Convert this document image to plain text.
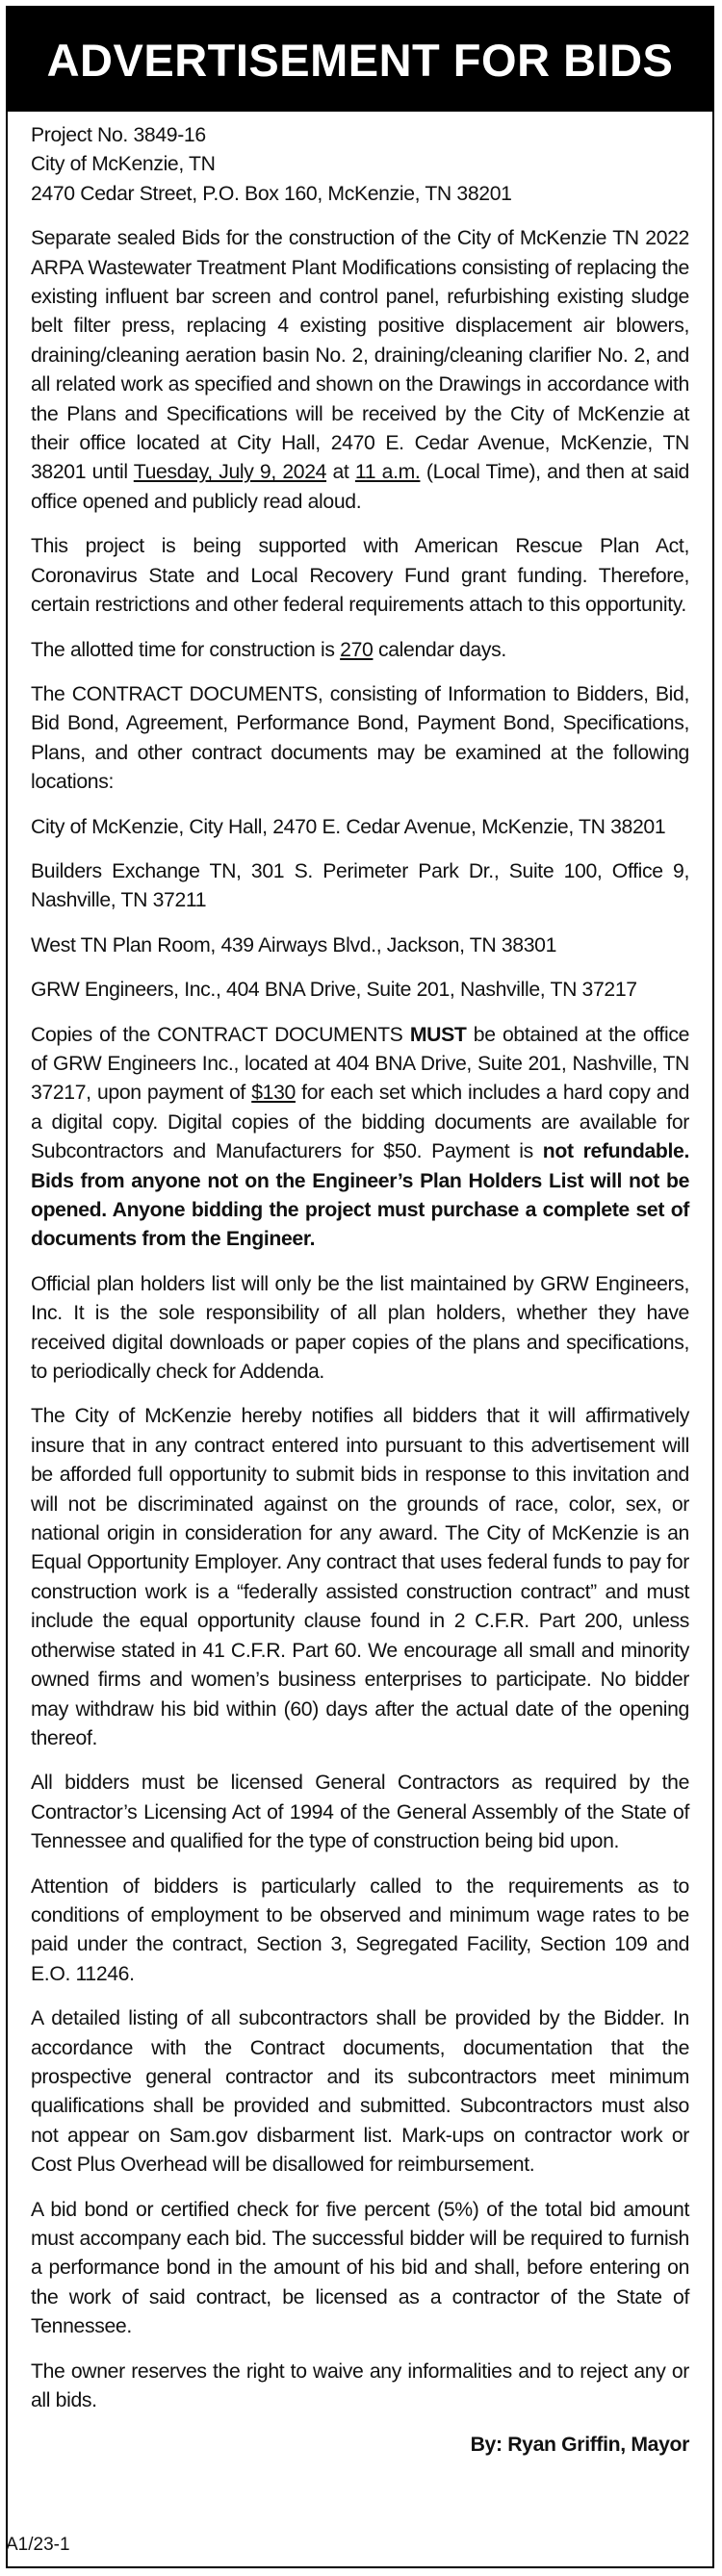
ADVERTISEMENT FOR BIDS
Project No. 3849-16
City of McKenzie, TN
2470 Cedar Street, P.O. Box 160, McKenzie, TN 38201

Separate sealed Bids for the construction of the City of McKenzie TN 2022 ARPA Wastewater Treatment Plant Modifications consisting of replacing the existing influent bar screen and control panel, refurbishing existing sludge belt filter press, replacing 4 existing positive displacement air blowers, draining/cleaning aeration basin No. 2, draining/cleaning clarifier No. 2, and all related work as specified and shown on the Drawings in accordance with the Plans and Specifications will be received by the City of McKenzie at their office located at City Hall, 2470 E. Cedar Avenue, McKenzie, TN 38201 until Tuesday, July 9, 2024 at 11 a.m. (Local Time), and then at said office opened and publicly read aloud.

This project is being supported with American Rescue Plan Act, Coronavirus State and Local Recovery Fund grant funding. Therefore, certain restrictions and other federal requirements attach to this opportunity.

The allotted time for construction is 270 calendar days.

The CONTRACT DOCUMENTS, consisting of Information to Bidders, Bid, Bid Bond, Agreement, Performance Bond, Payment Bond, Specifications, Plans, and other contract documents may be examined at the following locations:

City of McKenzie, City Hall, 2470 E. Cedar Avenue, McKenzie, TN 38201

Builders Exchange TN, 301 S. Perimeter Park Dr., Suite 100, Office 9, Nashville, TN 37211

West TN Plan Room, 439 Airways Blvd., Jackson, TN 38301

GRW Engineers, Inc., 404 BNA Drive, Suite 201, Nashville, TN 37217

Copies of the CONTRACT DOCUMENTS MUST be obtained at the office of GRW Engineers Inc., located at 404 BNA Drive, Suite 201, Nashville, TN 37217, upon payment of $130 for each set which includes a hard copy and a digital copy. Digital copies of the bidding documents are available for Subcontractors and Manufacturers for $50. Payment is not refundable. Bids from anyone not on the Engineer’s Plan Holders List will not be opened. Anyone bidding the project must purchase a complete set of documents from the Engineer.

Official plan holders list will only be the list maintained by GRW Engineers, Inc. It is the sole responsibility of all plan holders, whether they have received digital downloads or paper copies of the plans and specifications, to periodically check for Addenda.

The City of McKenzie hereby notifies all bidders that it will affirmatively insure that in any contract entered into pursuant to this advertisement will be afforded full opportunity to submit bids in response to this invitation and will not be discriminated against on the grounds of race, color, sex, or national origin in consideration for any award. The City of McKenzie is an Equal Opportunity Employer. Any contract that uses federal funds to pay for construction work is a “federally assisted construction contract” and must include the equal opportunity clause found in 2 C.F.R. Part 200, unless otherwise stated in 41 C.F.R. Part 60. We encourage all small and minority owned firms and women’s business enterprises to participate. No bidder may withdraw his bid within (60) days after the actual date of the opening thereof.

All bidders must be licensed General Contractors as required by the Contractor’s Licensing Act of 1994 of the General Assembly of the State of Tennessee and qualified for the type of construction being bid upon.

Attention of bidders is particularly called to the requirements as to conditions of employment to be observed and minimum wage rates to be paid under the contract, Section 3, Segregated Facility, Section 109 and E.O. 11246.

A detailed listing of all subcontractors shall be provided by the Bidder. In accordance with the Contract documents, documentation that the prospective general contractor and its subcontractors meet minimum qualifications shall be provided and submitted. Subcontractors must also not appear on Sam.gov disbarment list. Mark-ups on contractor work or Cost Plus Overhead will be disallowed for reimbursement.

A bid bond or certified check for five percent (5%) of the total bid amount must accompany each bid. The successful bidder will be required to furnish a performance bond in the amount of his bid and shall, before entering on the work of said contract, be licensed as a contractor of the State of Tennessee.

The owner reserves the right to waive any informalities and to reject any or all bids.

By: Ryan Griffin, Mayor
A1/23-1
